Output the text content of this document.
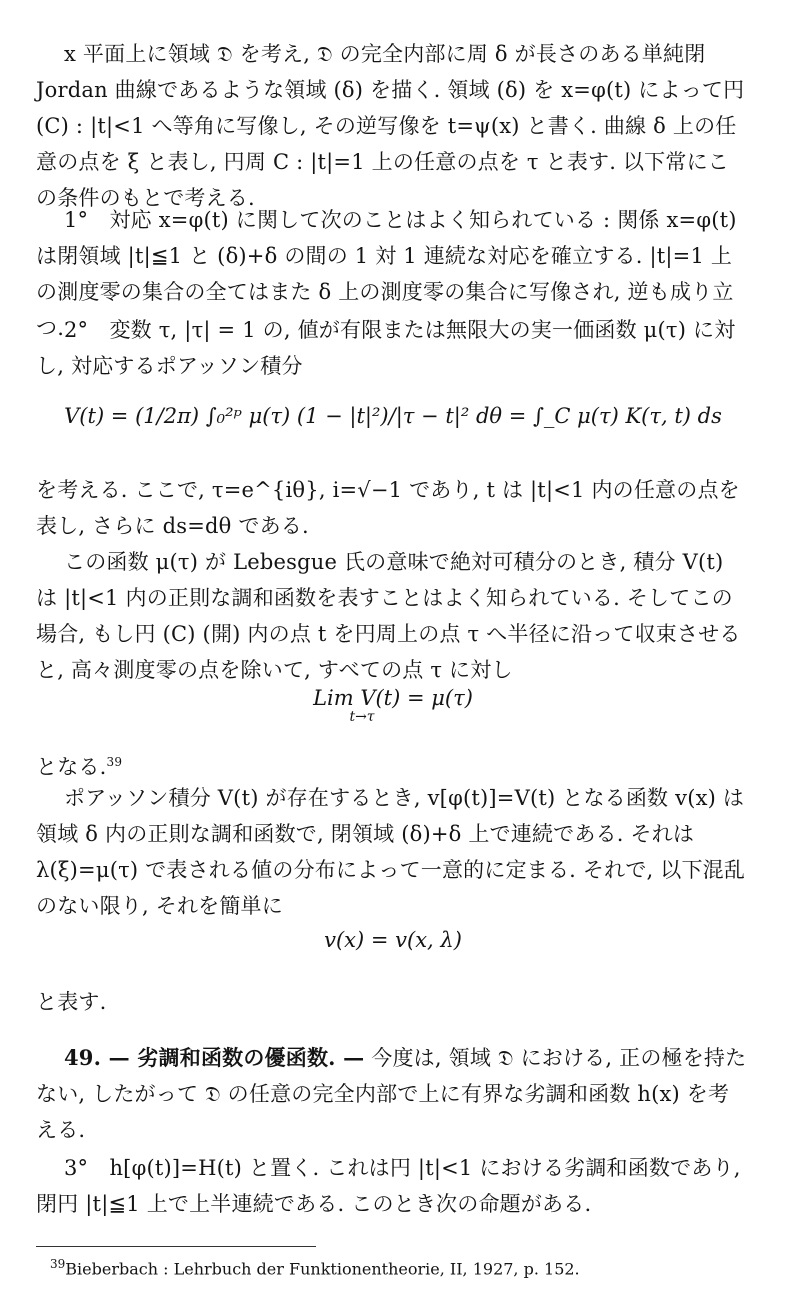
x 平面上に領域 𝔇 を考え, 𝔇 の完全内部に周 δ が長さのある単純閉 Jordan 曲線であるような領域 (δ) を描く. 領域 (δ) を x=φ(t) によって円 (C) : |t|<1 へ等角に写像し, その逆写像を t=ψ(x) と書く. 曲線 δ 上の任意の点を ξ と表し, 円周 C : |t|=1 上の任意の点を τ と表す. 以下常にこの条件のもとで考える.

1°　対応 x=φ(t) に関して次のことはよく知られている : 関係 x=φ(t) は閉領域 |t|≦1 と (δ)+δ の間の 1 対 1 連続な対応を確立する. |t|=1 上の測度零の集合の全てはまた δ 上の測度零の集合に写像され, 逆も成り立つ. 2°　変数 τ, |τ| = 1 の, 値が有限または無限大の実一価函数 μ(τ) に対し, 対応するポアッソン積分

V(t) = (1/2π) ∫₀²ᵖ μ(τ) (1 − |t|²)/|τ − t|² dθ = ∫_C μ(τ) K(τ, t) ds

を考える. ここで, τ=e^{iθ}, i=√−1 であり, t は |t|<1 内の任意の点を表し, さらに ds=dθ である.

この函数 μ(τ) が Lebesgue 氏の意味で絶対可積分のとき, 積分 V(t) は |t|<1 内の正則な調和函数を表すことはよく知られている. そしてこの場合, もし円 (C) (開) 内の点 t を円周上の点 τ へ半径に沿って収束させると, 高々測度零の点を除いて, すべての点 τ に対し

Lim V(t) = μ(τ)
t→τ

となる.$^{39}$

ポアッソン積分 V(t) が存在するとき, v[φ(t)]=V(t) となる函数 v(x) は領域 δ 内の正則な調和函数で, 閉領域 (δ)+δ 上で連続である. それは λ(ξ)=μ(τ) で表される値の分布によって一意的に定まる. それで, 以下混乱のない限り, それを簡単に

v(x) = v(x, λ)

と表す.

49. — 劣調和函数の優函数. — 今度は, 領域 𝔇 における, 正の極を持たない, したがって 𝔇 の任意の完全内部で上に有界な劣調和函数 h(x) を考える.

3°　h[φ(t)]=H(t) と置く. これは円 |t|<1 における劣調和函数であり, 閉円 |t|≦1 上で上半連続である. このとき次の命題がある.

$^{39}$Bieberbach : Lehrbuch der Funktionentheorie, II, 1927, p. 152.
